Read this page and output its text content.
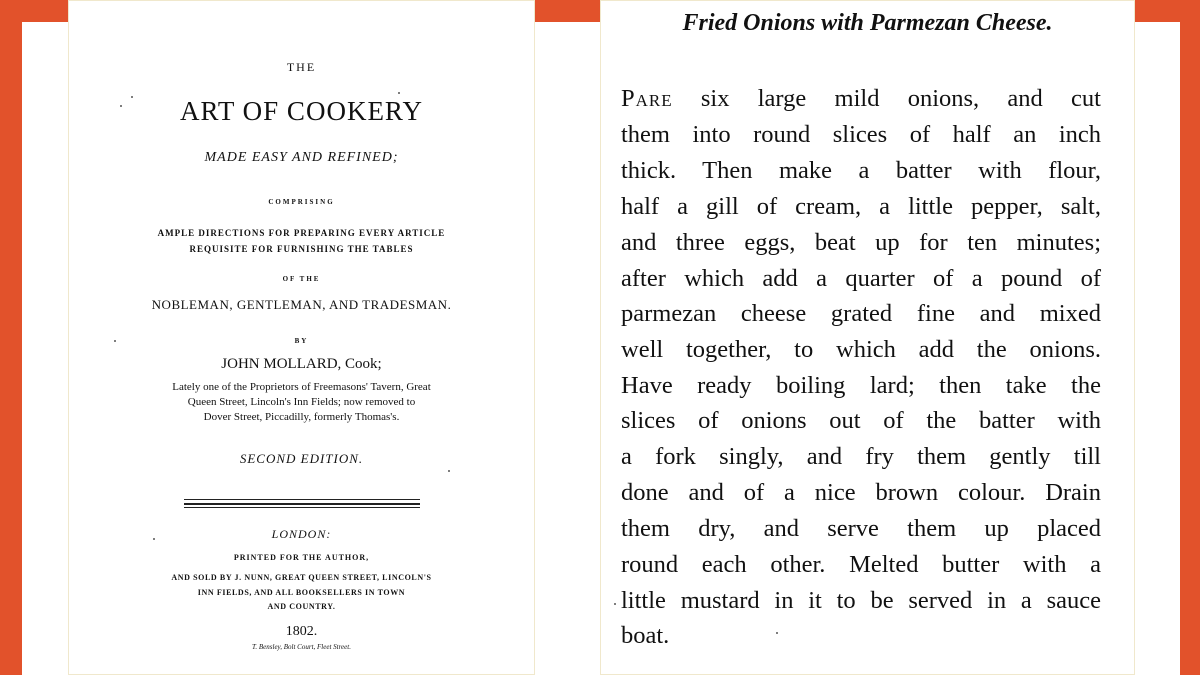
THE
ART OF COOKERY
MADE EASY AND REFINED;
COMPRISING
AMPLE DIRECTIONS FOR PREPARING EVERY ARTICLE
REQUISITE FOR FURNISHING THE TABLES
OF THE
NOBLEMAN, GENTLEMAN, AND TRADESMAN.
BY
JOHN MOLLARD, Cook;
Lately one of the Proprietors of Freemasons' Tavern, Great
Queen Street, Lincoln's Inn Fields; now removed to
Dover Street, Piccadilly, formerly Thomas's.
SECOND EDITION.
LONDON:
PRINTED FOR THE AUTHOR,
AND SOLD BY J. NUNN, GREAT QUEEN STREET, LINCOLN'S
INN FIELDS, AND ALL BOOKSELLERS IN TOWN
AND COUNTRY.
1802.
T. Bensley, Bolt Court, Fleet Street.
Fried Onions with Parmezan Cheese.
Pare six large mild onions, and cut
them into round slices of half an inch
thick. Then make a batter with flour,
half a gill of cream, a little pepper, salt,
and three eggs, beat up for ten minutes;
after which add a quarter of a pound of
parmezan cheese grated fine and mixed
well together, to which add the onions.
Have ready boiling lard; then take the
slices of onions out of the batter with
a fork singly, and fry them gently till
done and of a nice brown colour. Drain
them dry, and serve them up placed
round each other. Melted butter with a
little mustard in it to be served in a sauce
boat.
